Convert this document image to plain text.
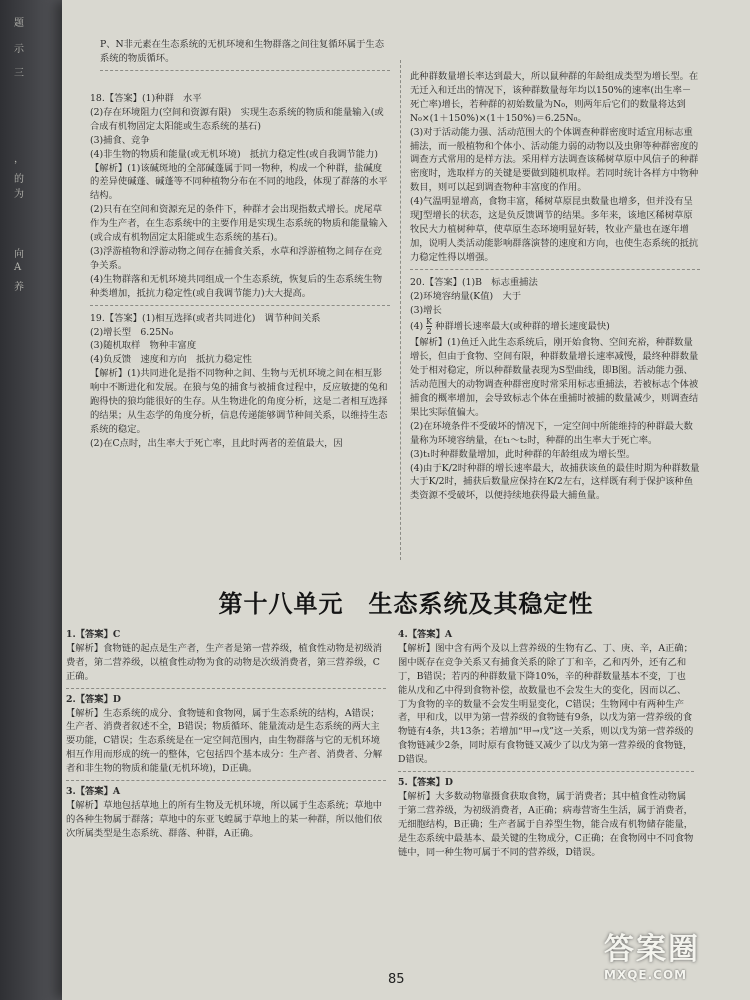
题
示
三
，
的
为
向
A
养

P、N非元素在生态系统的无机环境和生物群落之间往复循环属于生态系统的物质循环。

18.【答案】(1)种群　水平

(2)存在环境阻力(空间和资源有限)　实现生态系统的物质和能量输入(或合成有机物固定太阳能或生态系统的基石)

(3)捕食、竞争

(4)非生物的物质和能量(或无机环境)　抵抗力稳定性(或自我调节能力)

【解析】(1)该碱斑地的全部碱蓬属于同一物种，构成一个种群，盐碱度的差异使碱蓬、碱蓬等不同种植物分布在不同的地段，体现了群落的水平结构。

(2)只有在空间和资源充足的条件下，种群才会出现指数式增长。虎尾草作为生产者，在生态系统中的主要作用是实现生态系统的物质和能量输入(或合成有机物固定太阳能或生态系统的基石)。

(3)浮游植物和浮游动物之间存在捕食关系，水草和浮游植物之间存在竞争关系。

(4)生物群落和无机环境共同组成一个生态系统，恢复后的生态系统生物种类增加，抵抗力稳定性(或自我调节能力)大大提高。

19.【答案】(1)相互选择(或者共同进化)　调节种间关系

(2)增长型　6.25N₀

(3)随机取样　物种丰富度

(4)负反馈　速度和方向　抵抗力稳定性

【解析】(1)共同进化是指不同物种之间、生物与无机环境之间在相互影响中不断进化和发展。在狼与兔的捕食与被捕食过程中，反应敏捷的兔和跑得快的狼均能很好的生存。从生物进化的角度分析，这是二者相互选择的结果；从生态学的角度分析，信息传递能够调节种间关系，以维持生态系统的稳定。

(2)在C点时，出生率大于死亡率，且此时两者的差值最大，因

此种群数量增长率达到最大，所以鼠种群的年龄组成类型为增长型。在无迁入和迁出的情况下，该种群数量每年均以150%的速率(出生率－死亡率)增长，若种群的初始数量为N₀，则两年后它们的数量将达到N₀×(1＋150%)×(1＋150%)＝6.25N₀。

(3)对于活动能力强、活动范围大的个体调查种群密度时适宜用标志重捕法，而一般植物和个体小、活动能力弱的动物以及虫卵等种群密度的调查方式常用的是样方法。采用样方法调查该稀树草原中风信子的种群密度时，选取样方的关键是要做到随机取样。若同时统计各样方中物种数目，则可以起到调查物种丰富度的作用。

(4)气温明显增高，食物丰富，稀树草原昆虫数量也增多，但并没有呈现J型增长的状态，这是负反馈调节的结果。多年来，该地区稀树草原牧民大力植树种草，使草原生态环境明显好转，牧业产量也在逐年增加，说明人类活动能影响群落演替的速度和方向，也使生态系统的抵抗力稳定性得以增强。

20.【答案】(1)B　标志重捕法

(2)环境容纳量(K值)　大于

(3)增长

$(4) \frac{K}{2}$ 种群增长速率最大(或种群的增长速度最快)

【解析】(1)鱼迁入此生态系统后，刚开始食物、空间充裕，种群数量增长，但由于食物、空间有限，种群数量增长速率减慢，最终种群数量处于相对稳定，所以种群数量表现为S型曲线，即B图。活动能力强、活动范围大的动物调查种群密度时常采用标志重捕法，若被标志个体被捕食的概率增加，会导致标志个体在重捕时被捕的数量减少，则调查结果比实际值偏大。

(2)在环境条件不受破坏的情况下，一定空间中所能维持的种群最大数量称为环境容纳量，在t₁～t₂时，种群的出生率大于死亡率。

(3)t₁时种群数量增加，此时种群的年龄组成为增长型。

(4)由于K/2时种群的增长速率最大，故捕获该鱼的最佳时期为种群数量大于K/2时，捕获后数量应保持在K/2左右，这样既有利于保护该种鱼类资源不受破坏，以便持续地获得最大捕鱼量。

第十八单元　生态系统及其稳定性

1.【答案】C

【解析】食物链的起点是生产者，生产者是第一营养级，植食性动物是初级消费者，第二营养级，以植食性动物为食的动物是次级消费者，第三营养级，C正确。

2.【答案】D

【解析】生态系统的成分、食物链和食物网，属于生态系统的结构，A错误；生产者、消费者叙述不全，B错误；物质循环、能量流动是生态系统的两大主要功能，C错误；生态系统是在一定空间范围内，由生物群落与它的无机环境相互作用而形成的统一的整体，它包括四个基本成分：生产者、消费者、分解者和非生物的物质和能量(无机环境)，D正确。

3.【答案】A

【解析】草地包括草地上的所有生物及无机环境，所以属于生态系统；草地中的各种生物属于群落；草地中的东亚飞蝗属于草地上的某一种群，所以他们依次所属类型是生态系统、群落、种群，A正确。

4.【答案】A

【解析】图中含有两个及以上营养级的生物有乙、丁、庚、辛，A正确；图中既存在竞争关系又有捕食关系的除了丁和辛，乙和丙外，还有乙和丁，B错误；若丙的种群数量下降10%，辛的种群数量基本不变，丁也能从戊和乙中得到食物补偿，故数量也不会发生大的变化，因而以乙、丁为食物的辛的数量不会发生明显变化，C错误；生物网中有两种生产者，甲和戊，以甲为第一营养级的食物链有9条，以戊为第一营养级的食物链有4条，共13条；若增加“甲→戊”这一关系，则以戊为第一营养级的食物链减少2条，同时原有食物链又减少了以戊为第一营养级的食物链，D错误。

5.【答案】D

【解析】大多数动物靠摄食获取食物，属于消费者；其中植食性动物属于第二营养级，为初级消费者，A正确；病毒营寄生生活，属于消费者，无细胞结构，B正确；生产者属于自养型生物，能合成有机物储存能量，是生态系统中最基本、最关键的生物成分，C正确；在食物网中不同食物链中，同一种生物可属于不同的营养级，D错误。

85
答案圈
MXQE.COM
